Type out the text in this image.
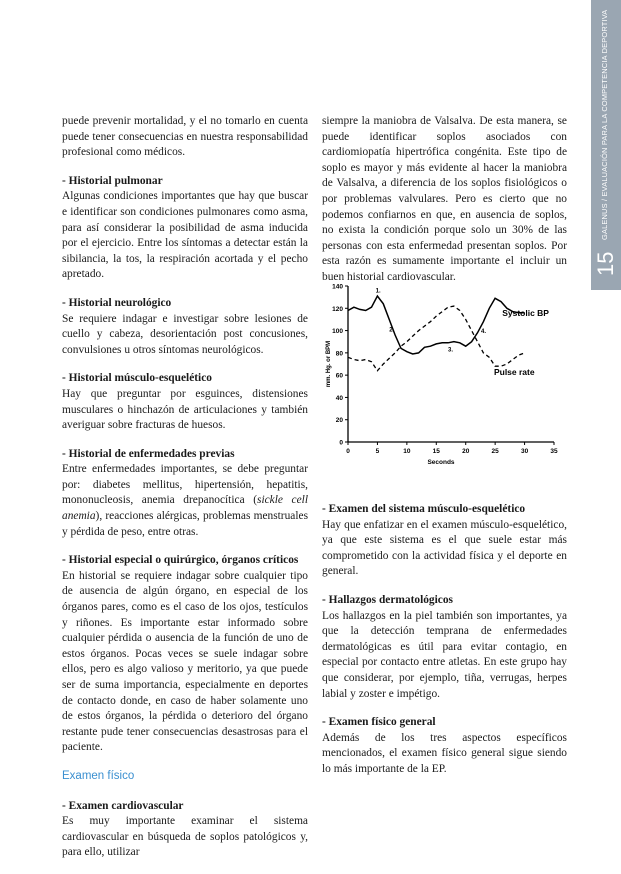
GALENUS / EVALUACIÓN PARA LA COMPETENCIA DEPORTIVA
15

puede prevenir mortalidad, y el no tomarlo en cuenta puede tener consecuencias en nuestra responsabilidad profesional como médicos.

- Historial pulmonar
Algunas condiciones importantes que hay que buscar e identificar son condiciones pulmonares como asma, para así considerar la posibilidad de asma inducida por el ejercicio. Entre los síntomas a detectar están la sibilancia, la tos, la respiración acortada y el pecho apretado.

- Historial neurológico
Se requiere indagar e investigar sobre lesiones de cuello y cabeza, desorientación post concusiones, convulsiones u otros síntomas neurológicos.

- Historial músculo-esquelético
Hay que preguntar por esguinces, distensiones musculares o hinchazón de articulaciones y también averiguar sobre fracturas de huesos.

- Historial de enfermedades previas
Entre enfermedades importantes, se debe preguntar por: diabetes mellitus, hipertensión, hepatitis, mononucleosis, anemia drepanocítica (sickle cell anemia), reacciones alérgicas, problemas menstruales y pérdida de peso, entre otras.

- Historial especial o quirúrgico, órganos críticos
En historial se requiere indagar sobre cualquier tipo de ausencia de algún órgano, en especial de los órganos pares, como es el caso de los ojos, testículos y riñones. Es importante estar informado sobre cualquier pérdida o ausencia de la función de uno de estos órganos. Pocas veces se suele indagar sobre ellos, pero es algo valioso y meritorio, ya que puede ser de suma importancia, especialmente en deportes de contacto donde, en caso de haber solamente uno de estos órganos, la pérdida o deterioro del órgano restante pude tener consecuencias desastrosas para el paciente.

Examen físico

- Examen cardiovascular
Es muy importante examinar el sistema cardiovascular en búsqueda de soplos patológicos y, para ello, utilizar

siempre la maniobra de Valsalva. De esta manera, se puede identificar soplos asociados con cardiomiopatía hipertrófica congénita. Este tipo de soplo es mayor y más evidente al hacer la maniobra de Valsalva, a diferencia de los soplos fisiológicos o por problemas valvulares. Pero es cierto que no podemos confiarnos en que, en ausencia de soplos, no exista la condición porque solo un 30% de las personas con esta enfermedad presentan soplos. Por esta razón es sumamente importante el incluir un buen historial cardiovascular.

0
20
40
60
80
100
120
140
0	5	10	15	20	25	30	35
Seconds
mm. Hg. or BPM
Systolic BP
Pulse rate
1.
2.
3.
4.

- Examen del sistema músculo-esquelético
Hay que enfatizar en el examen músculo-esquelético, ya que este sistema es el que suele estar más comprometido con la actividad física y el deporte en general.

- Hallazgos dermatológicos
Los hallazgos en la piel también son importantes, ya que la detección temprana de enfermedades dermatológicas es útil para evitar contagio, en especial por contacto entre atletas. En este grupo hay que considerar, por ejemplo, tiña, verrugas, herpes labial y zoster e impétigo.

- Examen físico general
Además de los tres aspectos específicos mencionados, el examen físico general sigue siendo lo más importante de la EP.
